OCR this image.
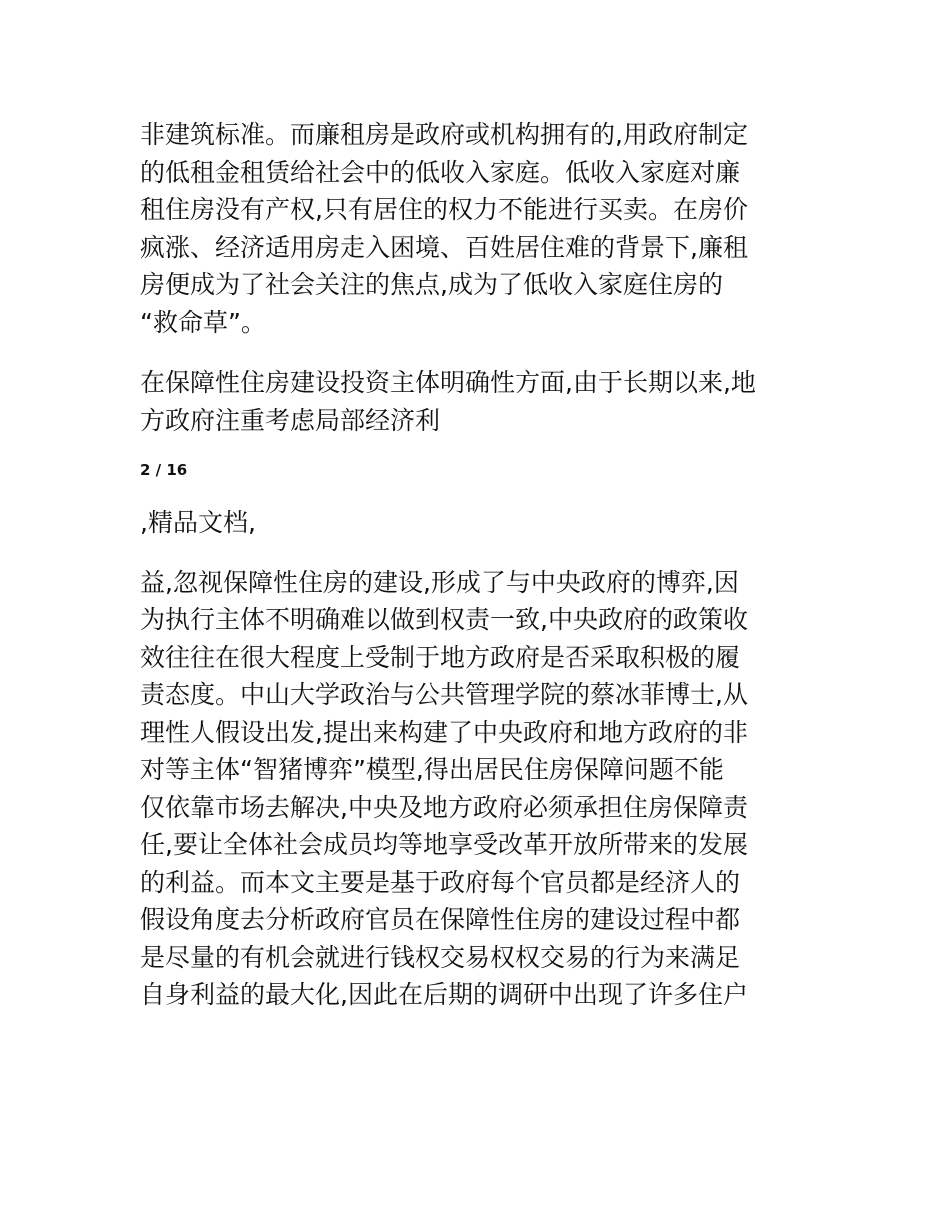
非建筑标准。而廉租房是政府或机构拥有的,用政府制定
的低租金租赁给社会中的低收入家庭。低收入家庭对廉
租住房没有产权,只有居住的权力不能进行买卖。在房价
疯涨、经济适用房走入困境、百姓居住难的背景下,廉租
房便成为了社会关注的焦点,成为了低收入家庭住房的
“救命草”。
在保障性住房建设投资主体明确性方面,由于长期以来,地
方政府注重考虑局部经济利
2 / 16
,精品文档,
益,忽视保障性住房的建设,形成了与中央政府的博弈,因
为执行主体不明确难以做到权责一致,中央政府的政策收
效往往在很大程度上受制于地方政府是否采取积极的履
责态度。中山大学政治与公共管理学院的蔡冰菲博士,从
理性人假设出发,提出来构建了中央政府和地方政府的非
对等主体“智猪博弈”模型,得出居民住房保障问题不能
仅依靠市场去解决,中央及地方政府必须承担住房保障责
任,要让全体社会成员均等地享受改革开放所带来的发展
的利益。而本文主要是基于政府每个官员都是经济人的
假设角度去分析政府官员在保障性住房的建设过程中都
是尽量的有机会就进行钱权交易权权交易的行为来满足
自身利益的最大化,因此在后期的调研中出现了许多住户
